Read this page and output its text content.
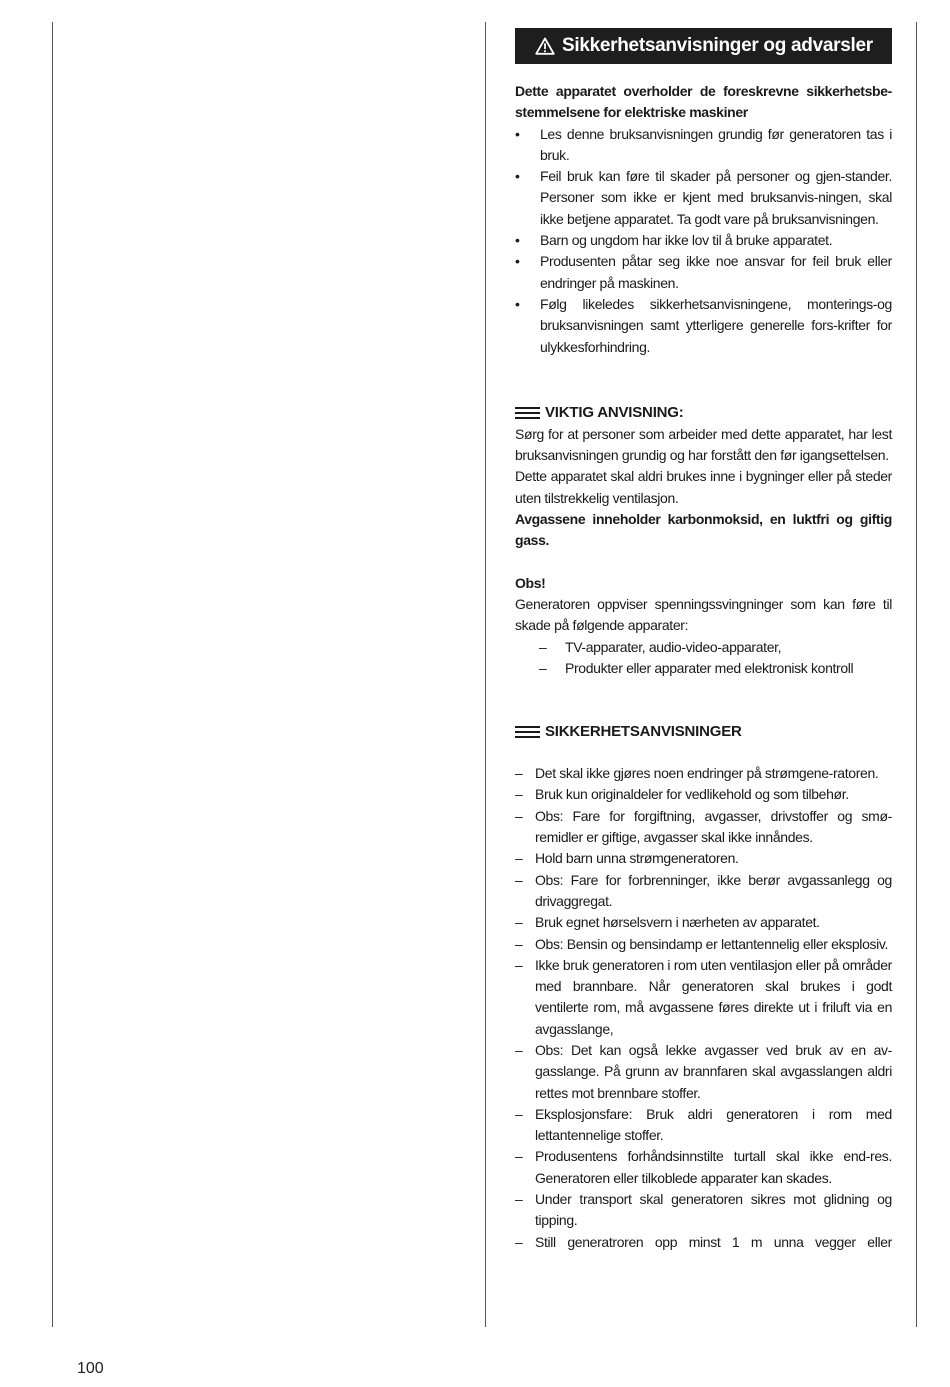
Sikkerhetsanvisninger og advarsler

Dette apparatet overholder de foreskrevne sikkerhetsbe-stemmelsene for elektriske maskiner

• Les denne bruksanvisningen grundig før generatoren tas i bruk.
• Feil bruk kan føre til skader på personer og gjen-stander. Personer som ikke er kjent med bruksanvis-ningen, skal ikke betjene apparatet. Ta godt vare på bruksanvisningen.
• Barn og ungdom har ikke lov til å bruke apparatet.
• Produsenten påtar seg ikke noe ansvar for feil bruk eller endringer på maskinen.
• Følg likeledes sikkerhetsanvisningene, monterings-og bruksanvisningen samt ytterligere generelle fors-krifter for ulykkesforhindring.
VIKTIG ANVISNING:

Sørg for at personer som arbeider med dette apparatet, har lest bruksanvisningen grundig og har forstått den før igangsettelsen.

Dette apparatet skal aldri brukes inne i bygninger eller på steder uten tilstrekkelig ventilasjon.

Avgassene inneholder karbonmoksid, en luktfri og giftig gass.

Obs!

Generatoren oppviser spenningssvingninger som kan føre til skade på følgende apparater:

– TV-apparater, audio-video-apparater,
– Produkter eller apparater med elektronisk kontroll
SIKKERHETSANVISNINGER
– Det skal ikke gjøres noen endringer på strømgene-ratoren.
– Bruk kun originaldeler for vedlikehold og som tilbehør.
– Obs: Fare for forgiftning, avgasser, drivstoffer og smø-remidler er giftige, avgasser skal ikke innåndes.
– Hold barn unna strømgeneratoren.
– Obs: Fare for forbrenninger, ikke berør avgassanlegg og drivaggregat.
– Bruk egnet hørselsvern i nærheten av apparatet.
– Obs: Bensin og bensindamp er lettantennelig eller eksplosiv.
– Ikke bruk generatoren i rom uten ventilasjon eller på områder med brannbare. Når generatoren skal brukes i godt ventilerte rom, må avgassene føres direkte ut i friluft via en avgasslange,
– Obs: Det kan også lekke avgasser ved bruk av en av-gasslange. På grunn av brannfaren skal avgasslangen aldri rettes mot brennbare stoffer.
– Eksplosjonsfare: Bruk aldri generatoren i rom med lettantennelige stoffer.
– Produsentens forhåndsinnstilte turtall skal ikke end-res. Generatoren eller tilkoblede apparater kan skades.
– Under transport skal generatoren sikres mot glidning og tipping.
– Still generatroren opp minst 1 m unna vegger eller
100
